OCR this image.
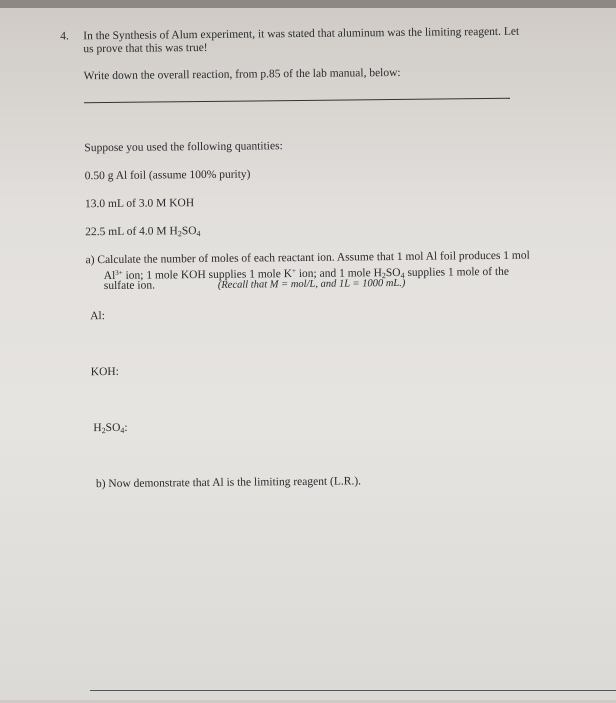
4. In the Synthesis of Alum experiment, it was stated that aluminum was the limiting reagent. Let
us prove that this was true!
Write down the overall reaction, from p.85 of the lab manual, below:
Suppose you used the following quantities:
0.50 g Al foil (assume 100% purity)
13.0 mL of 3.0 M KOH
22.5 mL of 4.0 M H2SO4
a) Calculate the number of moles of each reactant ion. Assume that 1 mol Al foil produces 1 mol
$Al^{3+}$ ion; 1 mole KOH supplies 1 mole K+ ion; and 1 mole H2SO4 supplies 1 mole of the
sulfate ion.	(Recall that M = mol/L, and 1L = 1000 mL.)
Al:
KOH:
H2SO4:
b) Now demonstrate that Al is the limiting reagent (L.R.).
